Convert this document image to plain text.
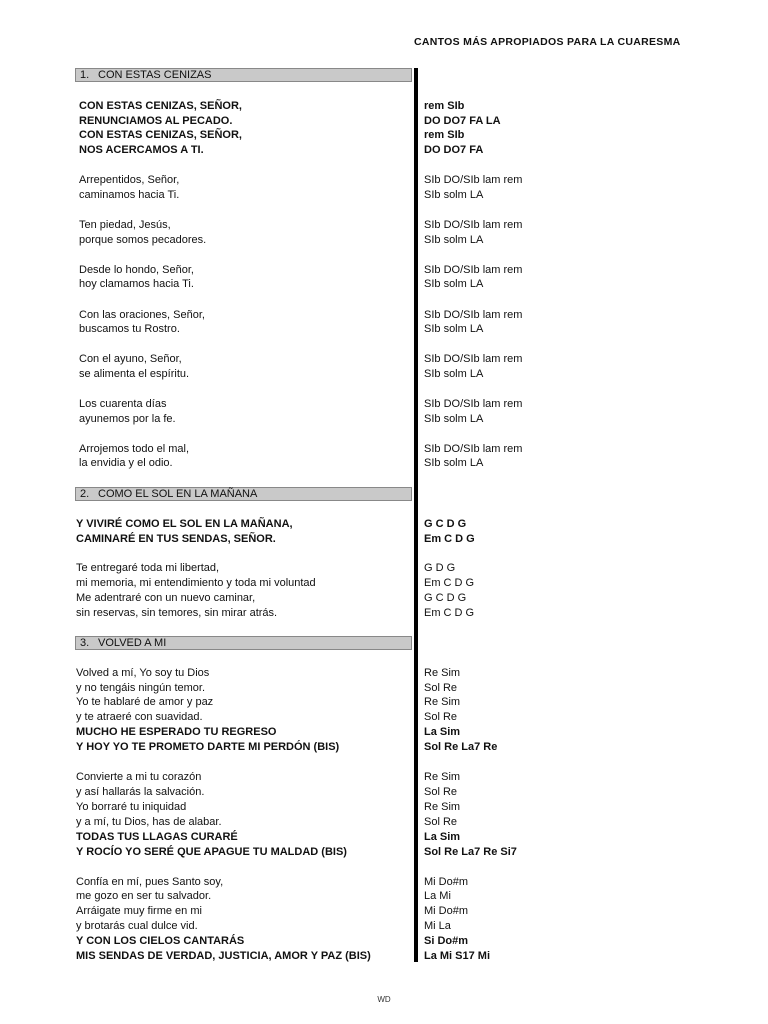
CANTOS MÁS APROPIADOS PARA LA CUARESMA
1. CON ESTAS CENIZAS
2. COMO EL SOL EN LA MAÑANA
3. VOLVED A MI
CON ESTAS CENIZAS, SEÑOR,	rem SIb
RENUNCIAMOS AL PECADO.	DO DO7 FA LA
CON ESTAS CENIZAS, SEÑOR,	rem SIb
NOS ACERCAMOS A TI.	DO DO7 FA
Arrepentidos, Señor,	SIb DO/SIb lam rem
caminamos hacia Ti.	SIb solm LA
Ten piedad, Jesús,	SIb DO/SIb lam rem
porque somos pecadores.	SIb solm LA
Desde lo hondo, Señor,	SIb DO/SIb lam rem
hoy clamamos hacia Ti.	SIb solm LA
Con las oraciones, Señor,	SIb DO/SIb lam rem
buscamos tu Rostro.	SIb solm LA
Con el ayuno, Señor,	SIb DO/SIb lam rem
se alimenta el espíritu.	SIb solm LA
Los cuarenta días	SIb DO/SIb lam rem
ayunemos por la fe.	SIb solm LA
Arrojemos todo el mal,	SIb DO/SIb lam rem
la envidia y el odio.	SIb solm LA
Y VIVIRÉ COMO EL SOL EN LA MAÑANA,	G C D G
CAMINARÉ EN TUS SENDAS, SEÑOR.	Em C D G
Te entregaré toda mi libertad,	G D G
mi memoria, mi entendimiento y toda mi voluntad	Em C D G
Me adentraré con un nuevo caminar,	G C D G
sin reservas, sin temores, sin mirar atrás.	Em C D G
Volved a mí, Yo soy tu Dios	Re Sim
y no tengáis ningún temor.	Sol Re
Yo te hablaré de amor y paz	Re Sim
y te atraeré con suavidad.	Sol Re
MUCHO HE ESPERADO TU REGRESO	La Sim
Y HOY YO TE PROMETO DARTE MI PERDÓN (BIS)	Sol Re La7 Re
Convierte a mi tu corazón	Re Sim
y así hallarás la salvación.	Sol Re
Yo borraré tu iniquidad	Re Sim
y a mí, tu Dios, has de alabar.	Sol Re
TODAS TUS LLAGAS CURARÉ	La Sim
Y ROCÍO YO SERÉ QUE APAGUE TU MALDAD (BIS)	Sol Re La7 Re Si7
Confía en mí, pues Santo soy,	Mi Do#m
me gozo en ser tu salvador.	La Mi
Arráigate muy firme en mi	Mi Do#m
y brotarás cual dulce vid.	Mi La
Y CON LOS CIELOS CANTARÁS	Si Do#m
MIS SENDAS DE VERDAD, JUSTICIA, AMOR Y PAZ (BIS)	La Mi S17 Mi
WD
